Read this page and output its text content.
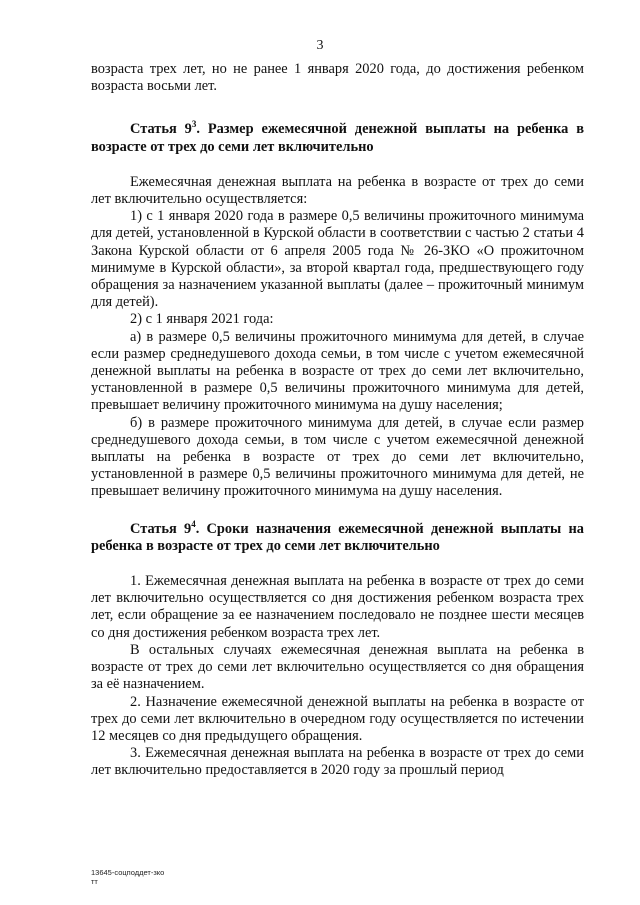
3

возраста трех лет, но не ранее 1 января 2020 года, до достижения ребенком возраста восьми лет.

Статья $9^3$. Размер ежемесячной денежной выплаты на ребенка в возрасте от трех до семи лет включительно

Ежемесячная денежная выплата на ребенка в возрасте от трех до семи лет включительно осуществляется:

1) с 1 января 2020 года в размере 0,5 величины прожиточного минимума для детей, установленной в Курской области в соответствии с частью 2 статьи 4 Закона Курской области от 6 апреля 2005 года № 26-ЗКО «О прожиточном минимуме в Курской области», за второй квартал года, предшествующего году обращения за назначением указанной выплаты (далее – прожиточный минимум для детей).

2) с 1 января 2021 года:

а) в размере 0,5 величины прожиточного минимума для детей, в случае если размер среднедушевого дохода семьи, в том числе с учетом ежемесячной денежной выплаты на ребенка в возрасте от трех до семи лет включительно, установленной в размере 0,5 величины прожиточного минимума для детей, превышает величину прожиточного минимума на душу населения;

б) в размере прожиточного минимума для детей, в случае если размер среднедушевого дохода семьи, в том числе с учетом ежемесячной денежной выплаты на ребенка в возрасте от трех до семи лет включительно, установленной в размере 0,5 величины прожиточного минимума для детей, не превышает величину прожиточного минимума на душу населения.

Статья $9^4$. Сроки назначения ежемесячной денежной выплаты на ребенка в возрасте от трех до семи лет включительно

1. Ежемесячная денежная выплата на ребенка в возрасте от трех до семи лет включительно осуществляется со дня достижения ребенком возраста трех лет, если обращение за ее назначением последовало не позднее шести месяцев со дня достижения ребенком возраста трех лет.

В остальных случаях ежемесячная денежная выплата на ребенка в возрасте от трех до семи лет включительно осуществляется со дня обращения за её назначением.

2. Назначение ежемесячной денежной выплаты на ребенка в возрасте от трех до семи лет включительно в очередном году осуществляется по истечении 12 месяцев со дня предыдущего обращения.

3. Ежемесячная денежная выплата на ребенка в возрасте от трех до семи лет включительно предоставляется в 2020 году за прошлый период

13645-соцподдет-зко
тт
